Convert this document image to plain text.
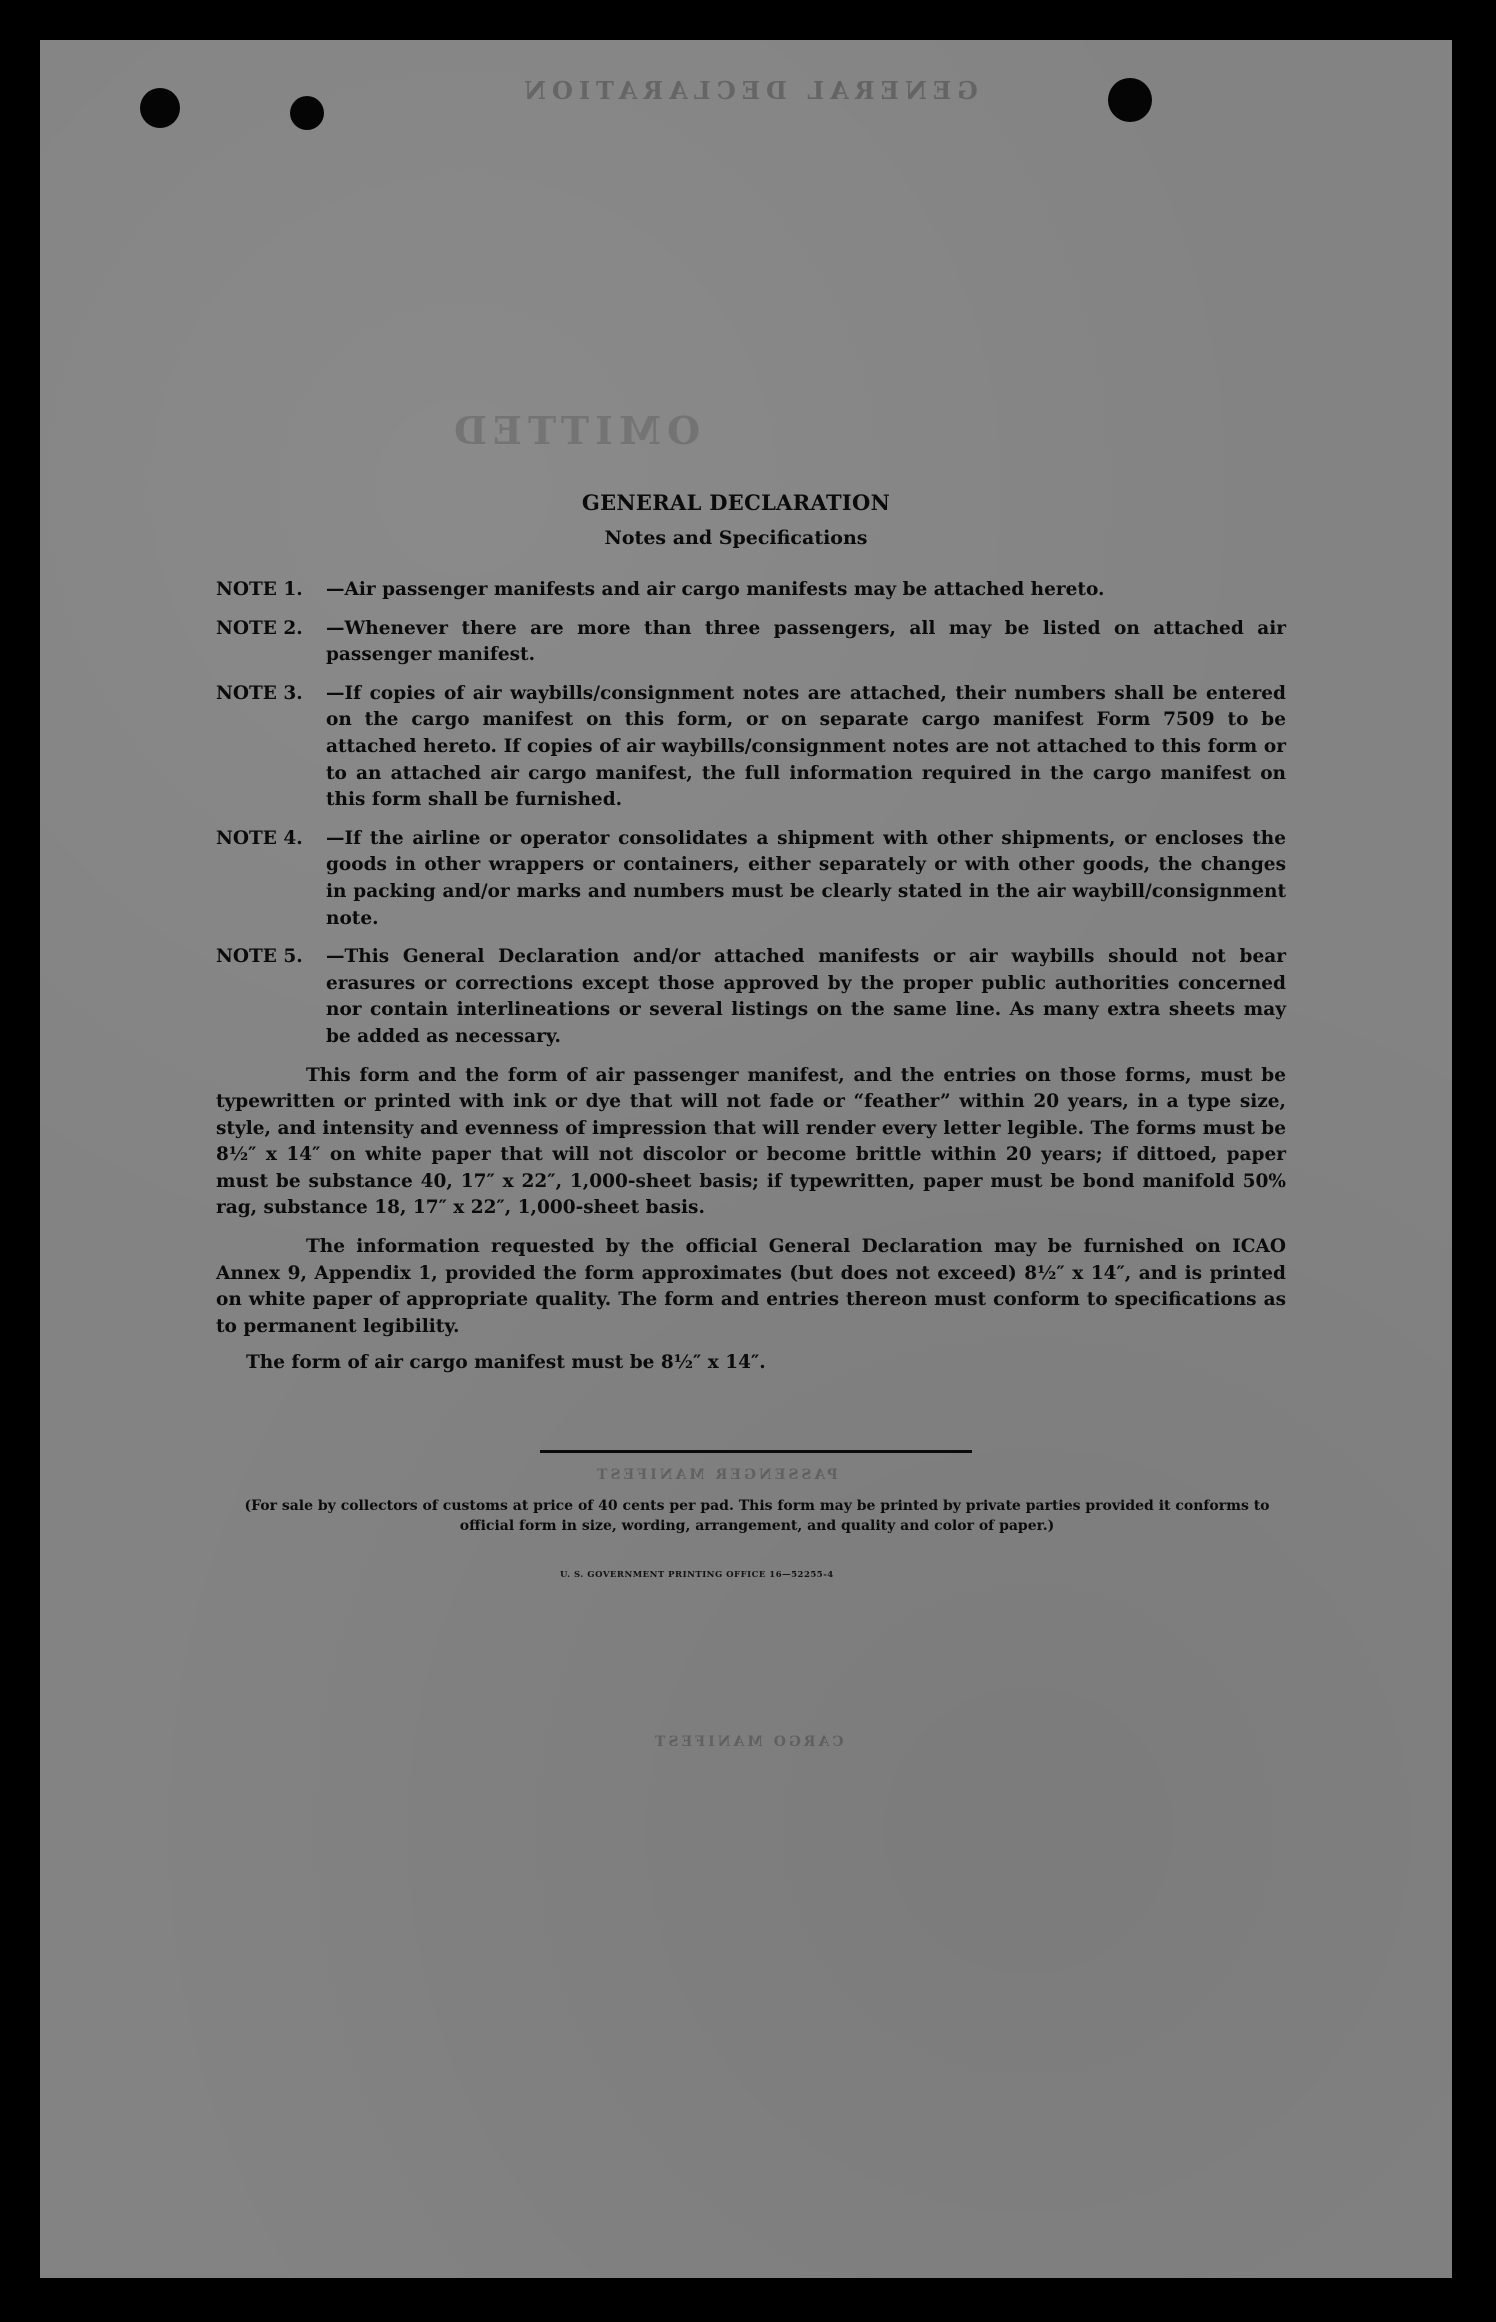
GENERAL DECLARATION
OMITTED
PASSENGER MANIFEST
CARGO MANIFEST
GENERAL DECLARATION
Notes and Specifications
NOTE 1.	—Air passenger manifests and air cargo manifests may be attached hereto.
NOTE 2.	—Whenever there are more than three passengers, all may be listed on attached air passenger manifest.
NOTE 3.	—If copies of air waybills/consignment notes are attached, their numbers shall be entered on the cargo manifest on this form, or on separate cargo manifest Form 7509 to be attached hereto. If copies of air waybills/consignment notes are not attached to this form or to an attached air cargo manifest, the full information required in the cargo manifest on this form shall be furnished.
NOTE 4.	—If the airline or operator consolidates a shipment with other shipments, or encloses the goods in other wrappers or containers, either separately or with other goods, the changes in packing and/or marks and numbers must be clearly stated in the air waybill/consignment note.
NOTE 5.	—This General Declaration and/or attached manifests or air waybills should not bear erasures or corrections except those approved by the proper public authorities concerned nor contain interlineations or several listings on the same line. As many extra sheets may be added as necessary.

This form and the form of air passenger manifest, and the entries on those forms, must be typewritten or printed with ink or dye that will not fade or “feather” within 20 years, in a type size, style, and intensity and evenness of impression that will render every letter legible. The forms must be 8½″ x 14″ on white paper that will not discolor or become brittle within 20 years; if dittoed, paper must be substance 40, 17″ x 22″, 1,000-sheet basis; if typewritten, paper must be bond manifold 50% rag, substance 18, 17″ x 22″, 1,000-sheet basis.

The information requested by the official General Declaration may be furnished on ICAO Annex 9, Appendix 1, provided the form approximates (but does not exceed) 8½″ x 14″, and is printed on white paper of appropriate quality. The form and entries thereon must conform to specifications as to permanent legibility.

The form of air cargo manifest must be 8½″ x 14″.

(For sale by collectors of customs at price of 40 cents per pad. This form may be printed by private parties provided it conforms to official form in size, wording, arrangement, and quality and color of paper.)
U. S. GOVERNMENT PRINTING OFFICE 16—52255-4
